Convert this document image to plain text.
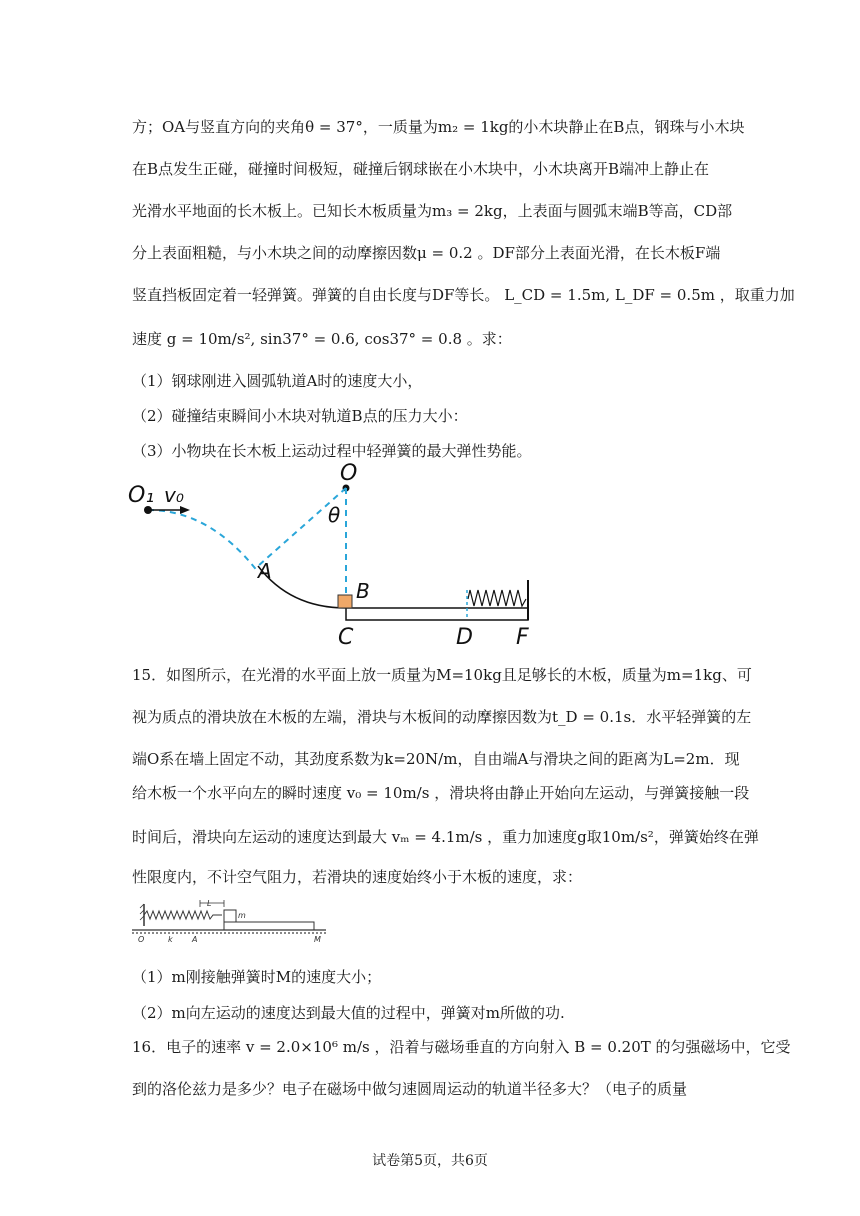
方；OA与竖直方向的夹角θ = 37°，一质量为m₂ = 1kg的小木块静止在B点，钢珠与小木块
在B点发生正碰，碰撞时间极短，碰撞后钢球嵌在小木块中，小木块离开B端冲上静止在
光滑水平地面的长木板上。已知长木板质量为m₃ = 2kg，上表面与圆弧末端B等高，CD部
分上表面粗糙，与小木块之间的动摩擦因数μ = 0.2 。DF部分上表面光滑，在长木板F端
竖直挡板固定着一轻弹簧。弹簧的自由长度与DF等长。 L_CD = 1.5m, L_DF = 0.5m ，取重力加
速度 g = 10m/s², sin37° = 0.6, cos37° = 0.8 。求：
（1）钢球刚进入圆弧轨道A时的速度大小，
（2）碰撞结束瞬间小木块对轨道B点的压力大小：
（3）小物块在长木板上运动过程中轻弹簧的最大弹性势能。
O₁ v₀
O
θ
A
B
C	D F
15．如图所示，在光滑的水平面上放一质量为M=10kg且足够长的木板，质量为m=1kg、可
视为质点的滑块放在木板的左端，滑块与木板间的动摩擦因数为t_D = 0.1s．水平轻弹簧的左
端O系在墙上固定不动，其劲度系数为k=20N/m，自由端A与滑块之间的距离为L=2m．现
给木板一个水平向左的瞬时速度 v₀ = 10m/s ，滑块将由静止开始向左运动，与弹簧接触一段
时间后，滑块向左运动的速度达到最大 vₘ = 4.1m/s ，重力加速度g取10m/s²，弹簧始终在弹
性限度内，不计空气阻力，若滑块的速度始终小于木板的速度，求：
L
m
O	k A	M
（1）m刚接触弹簧时M的速度大小；
（2）m向左运动的速度达到最大值的过程中，弹簧对m所做的功.
16．电子的速率 v = 2.0×10⁶ m/s ，沿着与磁场垂直的方向射入 B = 0.20T 的匀强磁场中，它受
到的洛伦兹力是多少？电子在磁场中做匀速圆周运动的轨道半径多大？（电子的质量
试卷第5页，共6页
